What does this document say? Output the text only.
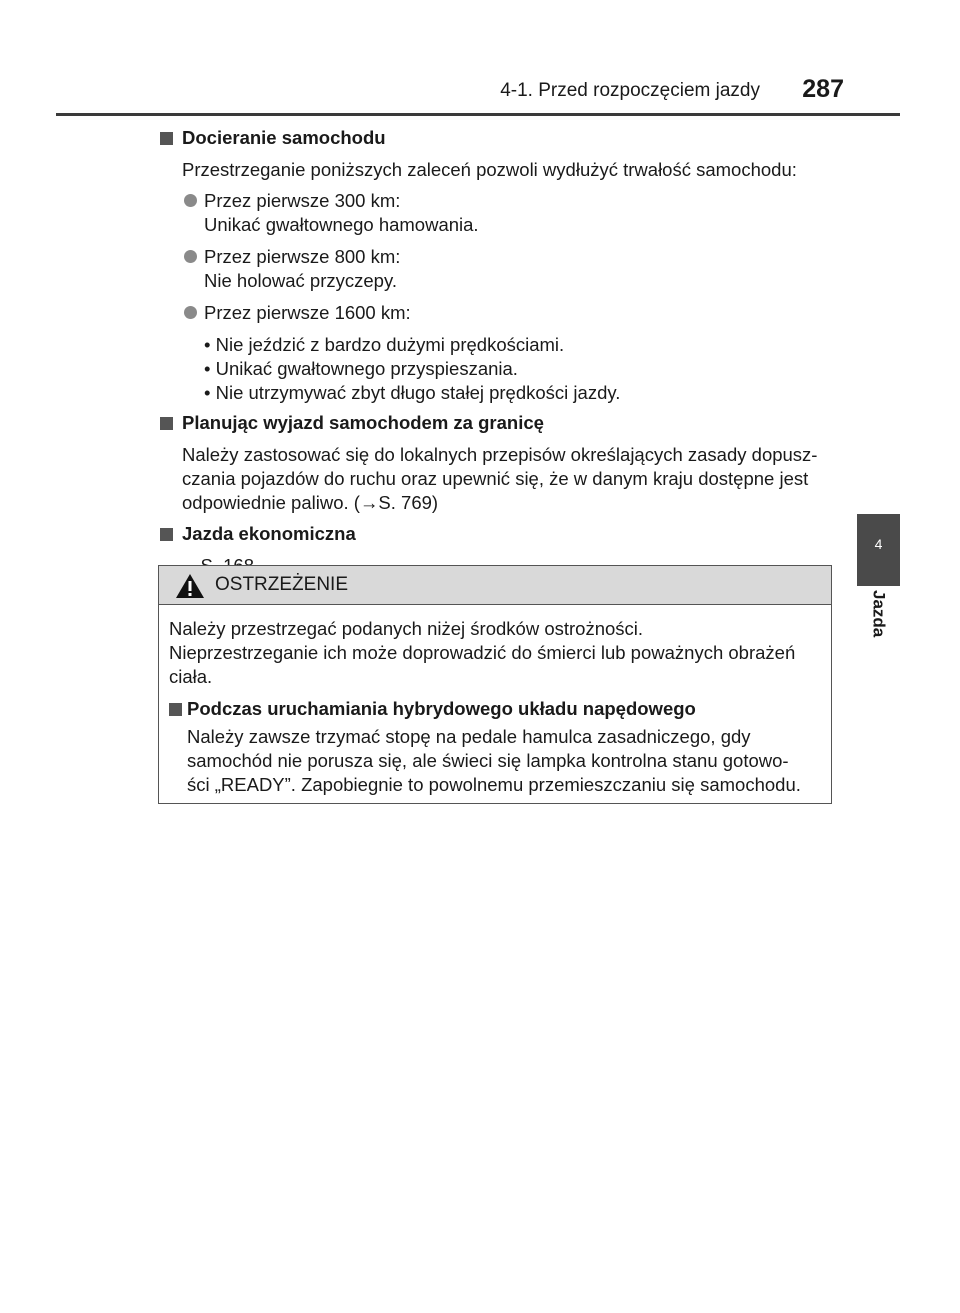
4-1. Przed rozpoczęciem jazdy 287
4
Jazda
Docieranie samochodu
Przestrzeganie poniższych zaleceń pozwoli wydłużyć trwałość samochodu:
Przez pierwsze 300 km:
Unikać gwałtownego hamowania.
Przez pierwsze 800 km:
Nie holować przyczepy.
Przez pierwsze 1600 km:
• Nie jeździć z bardzo dużymi prędkościami.
• Unikać gwałtownego przyspieszania.
• Nie utrzymywać zbyt długo stałej prędkości jazdy.
Planując wyjazd samochodem za granicę
Należy zastosować się do lokalnych przepisów określających zasady dopusz-
czania pojazdów do ruchu oraz upewnić się, że w danym kraju dostępne jest
odpowiednie paliwo. (→S. 769)
Jazda ekonomiczna
OSTRZEŻENIE
Należy przestrzegać podanych niżej środków ostrożności.
Nieprzestrzeganie ich może doprowadzić do śmierci lub poważnych obrażeń
ciała.
Podczas uruchamiania hybrydowego układu napędowego
Należy zawsze trzymać stopę na pedale hamulca zasadniczego, gdy
samochód nie porusza się, ale świeci się lampka kontrolna stanu gotowo-
ści „READY”. Zapobiegnie to powolnemu przemieszczaniu się samochodu.
